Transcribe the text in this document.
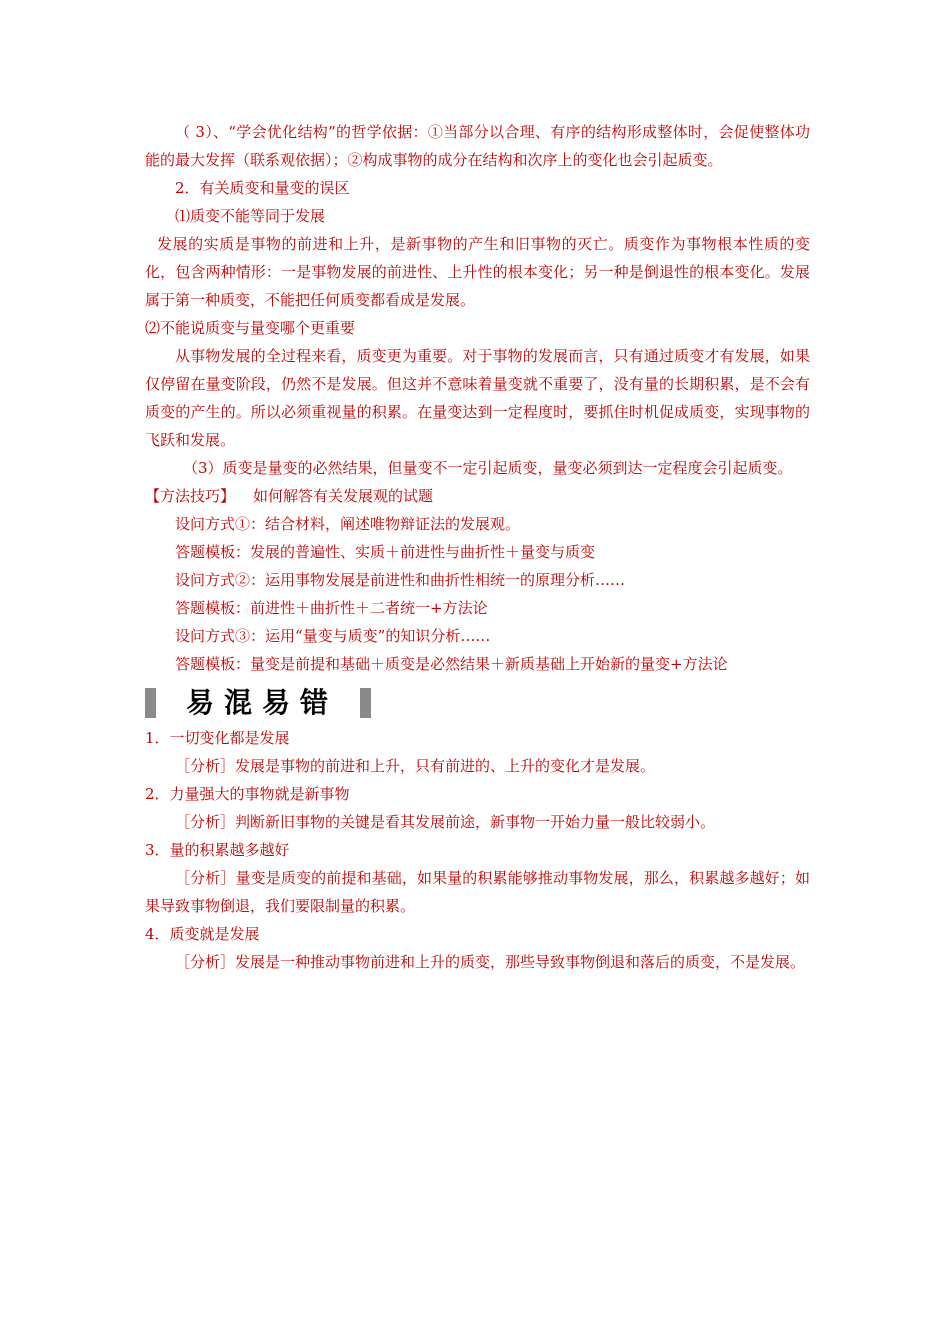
（ 3）、“学会优化结构”的哲学依据：①当部分以合理、有序的结构形成整体时，会促使整体功能的最大发挥（联系观依据）；②构成事物的成分在结构和次序上的变化也会引起质变。

2．有关质变和量变的误区

⑴质变不能等同于发展

发展的实质是事物的前进和上升，是新事物的产生和旧事物的灭亡。质变作为事物根本性质的变化，包含两种情形：一是事物发展的前进性、上升性的根本变化；另一种是倒退性的根本变化。发展属于第一种质变，不能把任何质变都看成是发展。

⑵不能说质变与量变哪个更重要

从事物发展的全过程来看，质变更为重要。对于事物的发展而言，只有通过质变才有发展，如果仅停留在量变阶段，仍然不是发展。但这并不意味着量变就不重要了，没有量的长期积累，是不会有质变的产生的。所以必须重视量的积累。在量变达到一定程度时，要抓住时机促成质变，实现事物的飞跃和发展。

（3）质变是量变的必然结果，但量变不一定引起质变，量变必须到达一定程度会引起质变。

【方法技巧】 如何解答有关发展观的试题

设问方式①：结合材料，阐述唯物辩证法的发展观。

答题模板：发展的普遍性、实质＋前进性与曲折性＋量变与质变

设问方式②：运用事物发展是前进性和曲折性相统一的原理分析……

答题模板：前进性＋曲折性＋二者统一+方法论

设问方式③：运用“量变与质变”的知识分析……

答题模板：量变是前提和基础＋质变是必然结果＋新质基础上开始新的量变+方法论

易混易错

1．一切变化都是发展

［分析］发展是事物的前进和上升，只有前进的、上升的变化才是发展。

2．力量强大的事物就是新事物

［分析］判断新旧事物的关键是看其发展前途，新事物一开始力量一般比较弱小。

3．量的积累越多越好

［分析］量变是质变的前提和基础，如果量的积累能够推动事物发展，那么，积累越多越好；如果导致事物倒退，我们要限制量的积累。

4．质变就是发展

［分析］发展是一种推动事物前进和上升的质变，那些导致事物倒退和落后的质变，不是发展。
